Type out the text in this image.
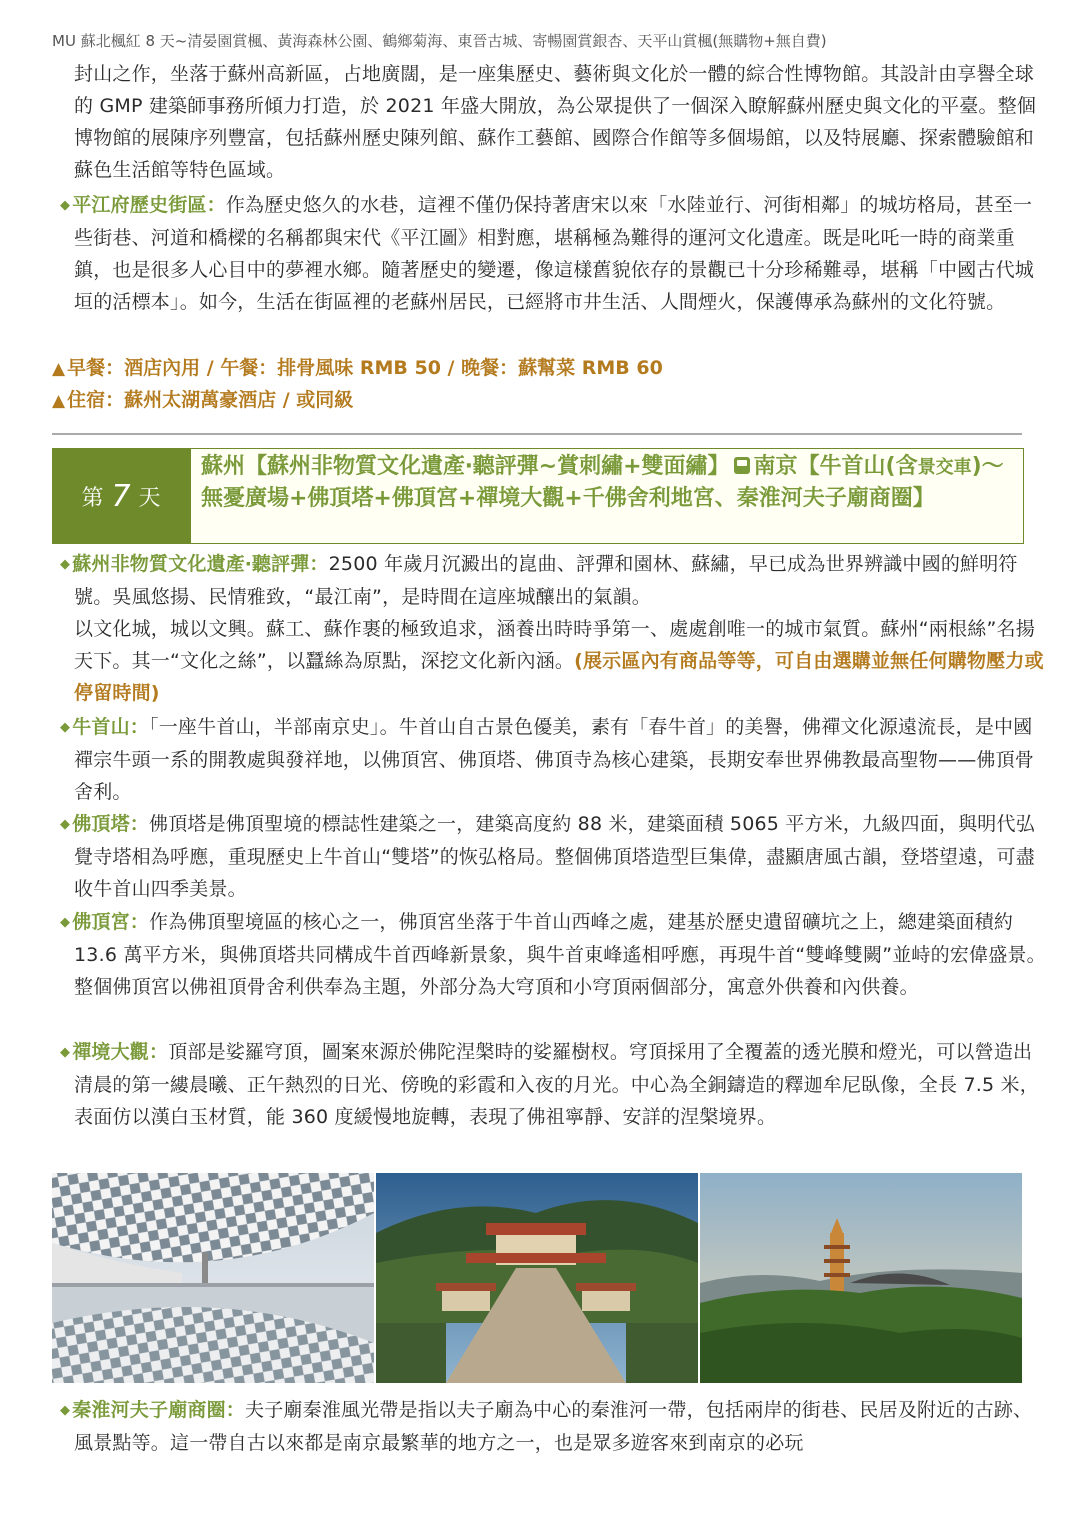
MU 蘇北楓紅 8 天~清晏園賞楓、黃海森林公園、鶴鄉菊海、東晉古城、寄暢園賞銀杏、天平山賞楓(無購物+無自費)

封山之作，坐落于蘇州高新區，占地廣闊，是一座集歷史、藝術與文化於一體的綜合性博物館。其設計由享譽全球的 GMP 建築師事務所傾力打造，於 2021 年盛大開放，為公眾提供了一個深入瞭解蘇州歷史與文化的平臺。整個博物館的展陳序列豐富，包括蘇州歷史陳列館、蘇作工藝館、國際合作館等多個場館，以及特展廳、探索體驗館和蘇色生活館等特色區域。

◆ 平江府歷史街區：作為歷史悠久的水巷，這裡不僅仍保持著唐宋以來「水陸並行、河街相鄰」的城坊格局，甚至一些街巷、河道和橋樑的名稱都與宋代《平江圖》相對應，堪稱極為難得的運河文化遺產。既是叱吒一時的商業重鎮，也是很多人心目中的夢裡水鄉。隨著歷史的變遷，像這樣舊貌依存的景觀已十分珍稀難尋，堪稱「中國古代城垣的活標本」。如今，生活在街區裡的老蘇州居民，已經將市井生活、人間煙火，保護傳承為蘇州的文化符號。

▲ 早餐：酒店內用 / 午餐：排骨風味 RMB 50 / 晚餐：蘇幫菜 RMB 60
▲ 住宿：蘇州太湖萬豪酒店 / 或同級
第 7 天
蘇州【蘇州非物質文化遺產‧聽評彈~賞刺繡+雙面繡】 南京【牛首山(含景交車)～無憂廣場+佛頂塔+佛頂宮+禪境大觀+千佛舍利地宮、秦淮河夫子廟商圈】

◆ 蘇州非物質文化遺產‧聽評彈：2500 年歲月沉澱出的崑曲、評彈和園林、蘇繡，早已成為世界辨識中國的鮮明符號。吳風悠揚、民情雅致，“最江南”，是時間在這座城釀出的氣韻。

以文化城，城以文興。蘇工、蘇作裹的極致追求，涵養出時時爭第一、處處創唯一的城市氣質。蘇州“兩根絲”名揚天下。其一“文化之絲”，以蠶絲為原點，深挖文化新內涵。(展示區內有商品等等，可自由選購並無任何購物壓力或停留時間)

◆ 牛首山：「一座牛首山，半部南京史」。牛首山自古景色優美，素有「春牛首」的美譽，佛禪文化源遠流長，是中國禪宗牛頭一系的開教處與發祥地，以佛頂宮、佛頂塔、佛頂寺為核心建築，長期安奉世界佛教最高聖物——佛頂骨舍利。

◆ 佛頂塔：佛頂塔是佛頂聖境的標誌性建築之一，建築高度約 88 米，建築面積 5065 平方米，九級四面，與明代弘覺寺塔相為呼應，重現歷史上牛首山“雙塔”的恢弘格局。整個佛頂塔造型巨集偉，盡顯唐風古韻，登塔望遠，可盡收牛首山四季美景。

◆ 佛頂宮：作為佛頂聖境區的核心之一，佛頂宮坐落于牛首山西峰之處，建基於歷史遺留礦坑之上，總建築面積約 13.6 萬平方米，與佛頂塔共同構成牛首西峰新景象，與牛首東峰遙相呼應，再現牛首“雙峰雙闕”並峙的宏偉盛景。整個佛頂宮以佛祖頂骨舍利供奉為主題，外部分為大穹頂和小穹頂兩個部分，寓意外供養和內供養。

◆ 禪境大觀：頂部是娑羅穹頂，圖案來源於佛陀涅槃時的娑羅樹杈。穹頂採用了全覆蓋的透光膜和燈光，可以營造出清晨的第一縷晨曦、正午熱烈的日光、傍晚的彩霞和入夜的月光。中心為全銅鑄造的釋迦牟尼臥像，全長 7.5 米，表面仿以漢白玉材質，能 360 度緩慢地旋轉，表現了佛祖寧靜、安詳的涅槃境界。

◆ 秦淮河夫子廟商圈：夫子廟秦淮風光帶是指以夫子廟為中心的秦淮河一帶，包括兩岸的街巷、民居及附近的古跡、風景點等。這一帶自古以來都是南京最繁華的地方之一，也是眾多遊客來到南京的必玩
